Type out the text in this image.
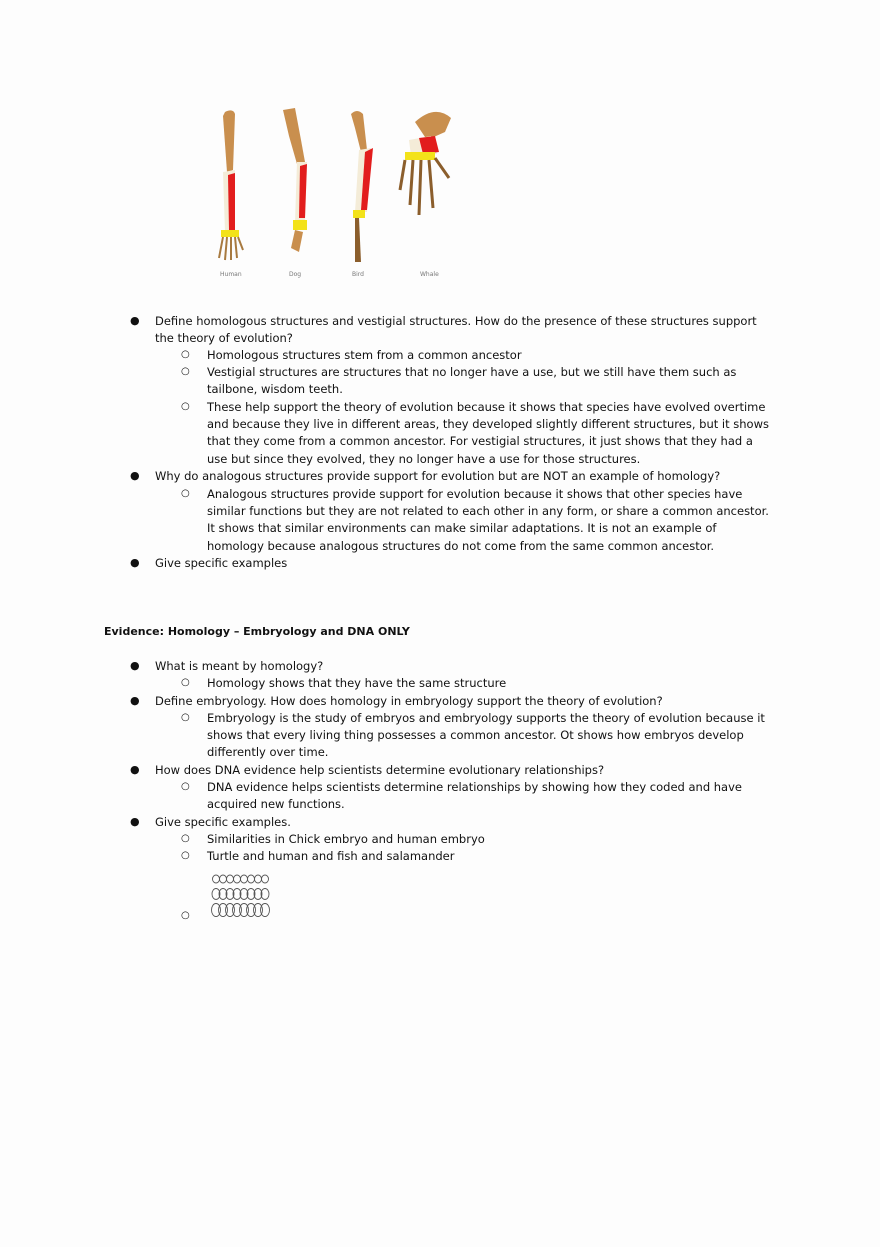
Human	Dog	Bird	Whale
● Define homologous structures and vestigial structures. How do the presence of these structures support the theory of evolution?
○ Homologous structures stem from a common ancestor
○ Vestigial structures are structures that no longer have a use, but we still have them such as tailbone, wisdom teeth.
○ These help support the theory of evolution because it shows that species have evolved overtime and because they live in different areas, they developed slightly different structures, but it shows that they come from a common ancestor. For vestigial structures, it just shows that they had a use but since they evolved, they no longer have a use for those structures.
● Why do analogous structures provide support for evolution but are NOT an example of homology?
○ Analogous structures provide support for evolution because it shows that other species have similar functions but they are not related to each other in any form, or share a common ancestor. It shows that similar environments can make similar adaptations. It is not an example of homology because analogous structures do not come from the same common ancestor.
● Give specific examples
Evidence: Homology – Embryology and DNA ONLY
● What is meant by homology?
○ Homology shows that they have the same structure
● Define embryology. How does homology in embryology support the theory of evolution?
○ Embryology is the study of embryos and embryology supports the theory of evolution because it shows that every living thing possesses a common ancestor. Ot shows how embryos develop differently over time.
● How does DNA evidence help scientists determine evolutionary relationships?
○ DNA evidence helps scientists determine relationships by showing how they coded and have acquired new functions.
● Give specific examples.
○ Similarities in Chick embryo and human embryo
○ Turtle and human and fish and salamander
○
